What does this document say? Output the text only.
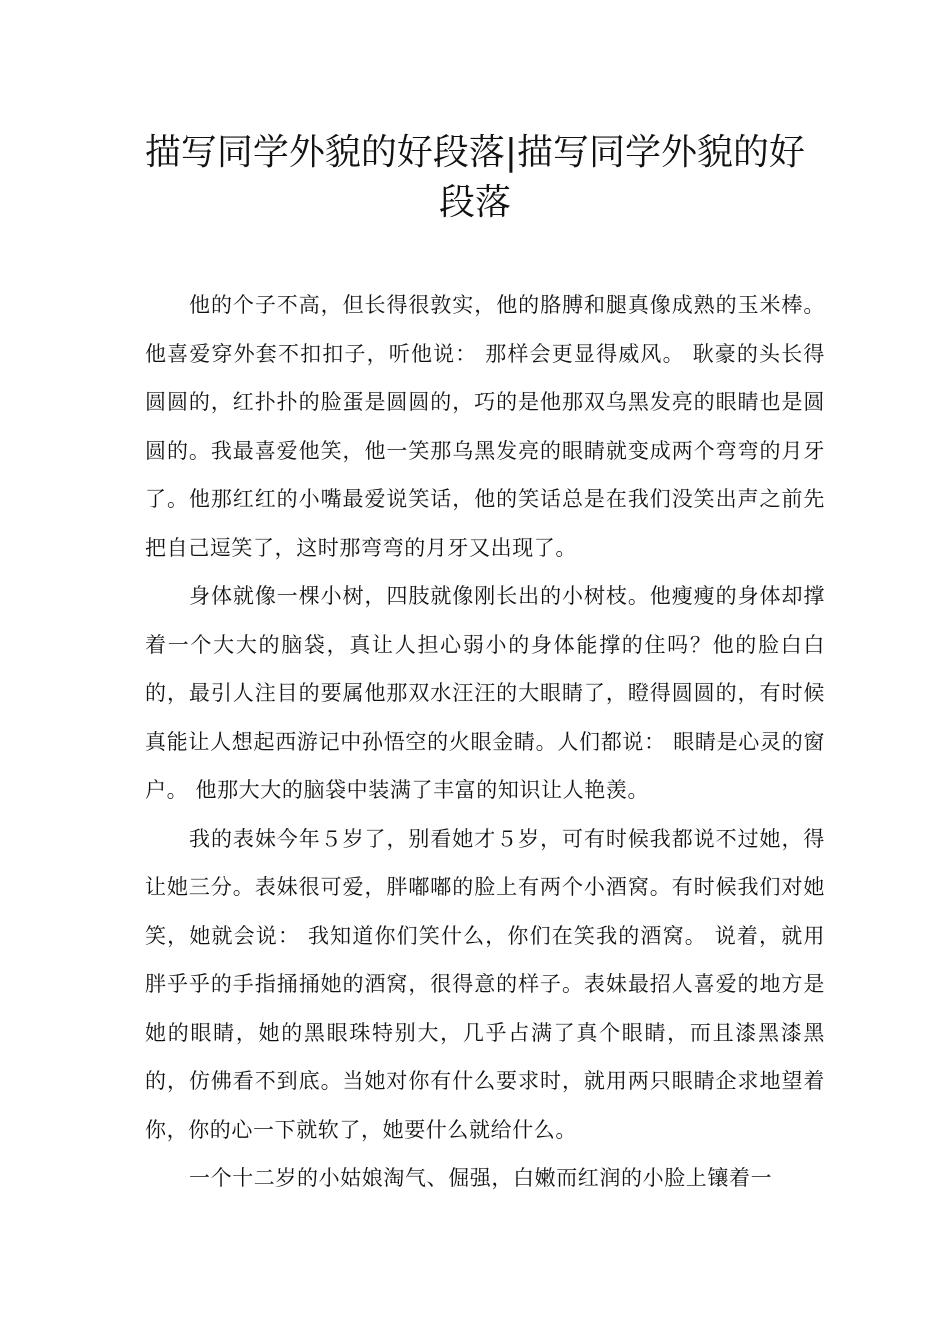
描写同学外貌的好段落|描写同学外貌的好段落

他的个子不高，但长得很敦实，他的胳膊和腿真像成熟的玉米棒。他喜爱穿外套不扣扣子，听他说： 那样会更显得威风。 耿豪的头长得圆圆的，红扑扑的脸蛋是圆圆的，巧的是他那双乌黑发亮的眼睛也是圆圆的。我最喜爱他笑，他一笑那乌黑发亮的眼睛就变成两个弯弯的月牙了。他那红红的小嘴最爱说笑话，他的笑话总是在我们没笑出声之前先把自己逗笑了，这时那弯弯的月牙又出现了。

身体就像一棵小树，四肢就像刚长出的小树枝。他瘦瘦的身体却撑着一个大大的脑袋，真让人担心弱小的身体能撑的住吗？他的脸白白的，最引人注目的要属他那双水汪汪的大眼睛了，瞪得圆圆的，有时候真能让人想起西游记中孙悟空的火眼金睛。人们都说： 眼睛是心灵的窗户。 他那大大的脑袋中装满了丰富的知识让人艳羡。

我的表妹今年５岁了，别看她才５岁，可有时候我都说不过她，得让她三分。表妹很可爱，胖嘟嘟的脸上有两个小酒窝。有时候我们对她笑，她就会说： 我知道你们笑什么，你们在笑我的酒窝。 说着，就用胖乎乎的手指捅捅她的酒窝，很得意的样子。表妹最招人喜爱的地方是她的眼睛，她的黑眼珠特别大，几乎占满了真个眼睛，而且漆黑漆黑的，仿佛看不到底。当她对你有什么要求时，就用两只眼睛企求地望着你，你的心一下就软了，她要什么就给什么。

一个十二岁的小姑娘淘气、倔强，白嫩而红润的小脸上镶着一
